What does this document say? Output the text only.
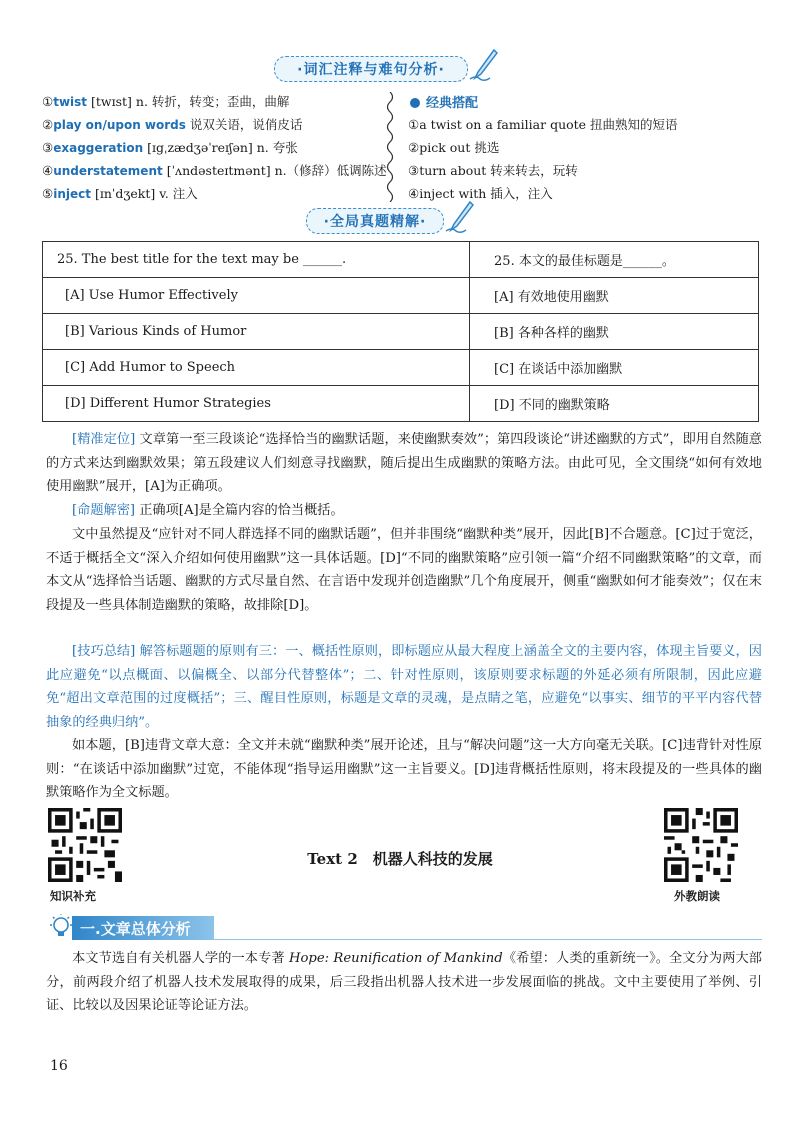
·词汇注释与难句分析·
①twist [twɪst] n. 转折，转变；歪曲，曲解
②play on/upon words 说双关语，说俏皮话
③exaggeration [ɪgˌzædʒəˈreɪʃən] n. 夸张
④understatement [ˈʌndəsteɪtmənt] n.（修辞）低调陈述
⑤inject [ɪnˈdʒekt] v. 注入
经典搭配
①a twist on a familiar quote 扭曲熟知的短语
②pick out 挑选
③turn about 转来转去，玩转
④inject with 插入，注入
·全局真题精解·
25. The best title for the text may be ______.	25. 本文的最佳标题是______。
[A] Use Humor Effectively	[A] 有效地使用幽默
[B] Various Kinds of Humor	[B] 各种各样的幽默
[C] Add Humor to Speech	[C] 在谈话中添加幽默
[D] Different Humor Strategies	[D] 不同的幽默策略
[精准定位] 文章第一至三段谈论“选择恰当的幽默话题，来使幽默奏效”；第四段谈论“讲述幽默的方式”，即用自然随意的方式来达到幽默效果；第五段建议人们刻意寻找幽默，随后提出生成幽默的策略方法。由此可见，全文围绕“如何有效地使用幽默”展开，[A]为正确项。
[命题解密] 正确项[A]是全篇内容的恰当概括。
文中虽然提及“应针对不同人群选择不同的幽默话题”，但并非围绕“幽默种类”展开，因此[B]不合题意。[C]过于宽泛，不适于概括全文“深入介绍如何使用幽默”这一具体话题。[D]“不同的幽默策略”应引领一篇“介绍不同幽默策略”的文章，而本文从“选择恰当话题、幽默的方式尽量自然、在言语中发现并创造幽默”几个角度展开，侧重“幽默如何才能奏效”；仅在末段提及一些具体制造幽默的策略，故排除[D]。
[技巧总结] 解答标题题的原则有三：一、概括性原则，即标题应从最大程度上涵盖全文的主要内容，体现主旨要义，因此应避免“以点概面、以偏概全、以部分代替整体”；二、针对性原则，该原则要求标题的外延必须有所限制，因此应避免“超出文章范围的过度概括”；三、醒目性原则，标题是文章的灵魂，是点睛之笔，应避免“以事实、细节的平平内容代替抽象的经典归纳”。
如本题，[B]违背文章大意：全文并未就“幽默种类”展开论述，且与“解决问题”这一大方向毫无关联。[C]违背针对性原则：“在谈话中添加幽默”过宽，不能体现“指导运用幽默”这一主旨要义。[D]违背概括性原则，将末段提及的一些具体的幽默策略作为全文标题。
知识补充	外教朗读
Text 2　机器人科技的发展
一.文章总体分析
本文节选自有关机器人学的一本专著 Hope: Reunification of Mankind《希望：人类的重新统一》。全文分为两大部分，前两段介绍了机器人技术发展取得的成果，后三段指出机器人技术进一步发展面临的挑战。文中主要使用了举例、引证、比较以及因果论证等论证方法。
16
